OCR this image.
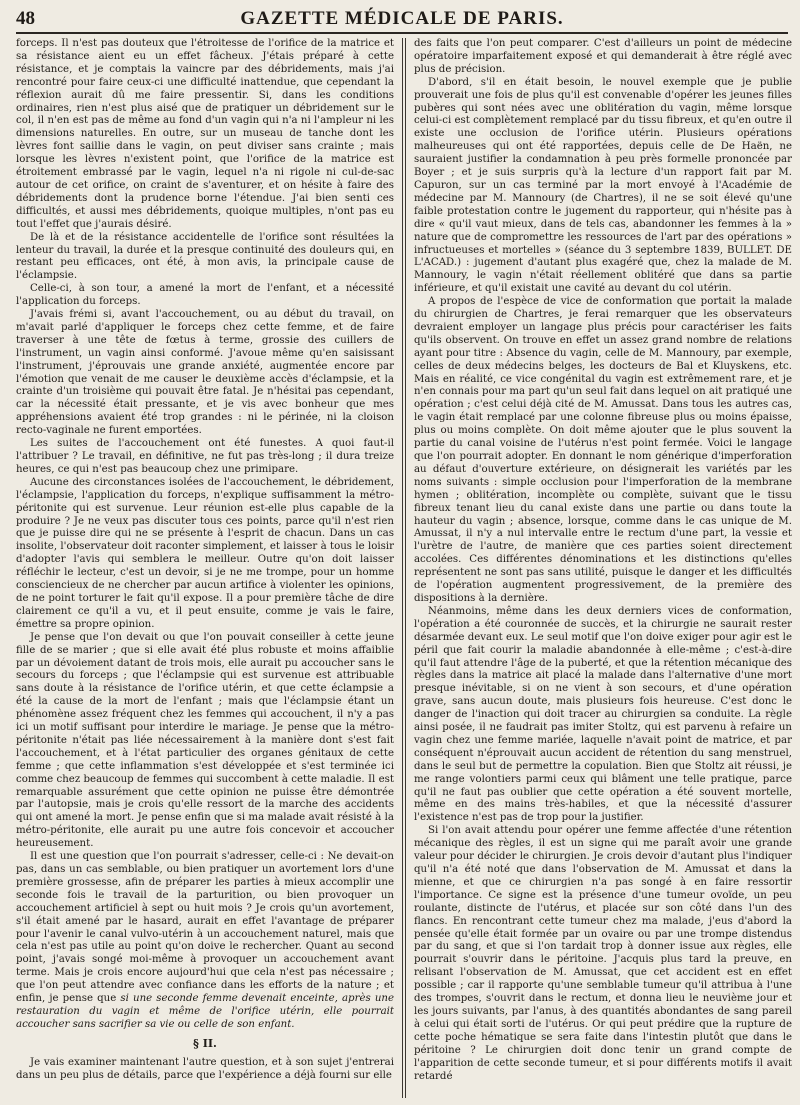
48	GAZETTE MÉDICALE DE PARIS.

forceps. Il n'est pas douteux que l'étroitesse de l'orifice de la matrice et sa résistance aient eu un effet fâcheux. J'étais préparé à cette résistance, et je comptais la vaincre par des débridements, mais j'ai rencontré pour faire ceux-ci une difficulté inattendue, que cependant la réflexion aurait dû me faire pressentir. Si, dans les conditions ordinaires, rien n'est plus aisé que de pratiquer un débridement sur le col, il n'en est pas de même au fond d'un vagin qui n'a ni l'ampleur ni les dimensions naturelles. En outre, sur un museau de tanche dont les lèvres font saillie dans le vagin, on peut diviser sans crainte ; mais lorsque les lèvres n'existent point, que l'orifice de la matrice est étroitement embrassé par le vagin, lequel n'a ni rigole ni cul-de-sac autour de cet orifice, on craint de s'aventurer, et on hésite à faire des débridements dont la prudence borne l'étendue. J'ai bien senti ces difficultés, et aussi mes débridements, quoique multiples, n'ont pas eu tout l'effet que j'aurais désiré.

De là et de la résistance accidentelle de l'orifice sont résultées la lenteur du travail, la durée et la presque continuité des douleurs qui, en restant peu efficaces, ont été, à mon avis, la principale cause de l'éclampsie.

Celle-ci, à son tour, a amené la mort de l'enfant, et a nécessité l'application du forceps.

J'avais frémi si, avant l'accouchement, ou au début du travail, on m'avait parlé d'appliquer le forceps chez cette femme, et de faire traverser à une tête de fœtus à terme, grossie des cuillers de l'instrument, un vagin ainsi conformé. J'avoue même qu'en saisissant l'instrument, j'éprouvais une grande anxiété, augmentée encore par l'émotion que venait de me causer le deuxième accès d'éclampsie, et la crainte d'un troisième qui pouvait être fatal. Je n'hésitai pas cependant, car la nécessité était pressante, et je vis avec bonheur que mes appréhensions avaient été trop grandes : ni le périnée, ni la cloison recto-vaginale ne furent emportées.

Les suites de l'accouchement ont été funestes. A quoi faut-il l'attribuer ? Le travail, en définitive, ne fut pas très-long ; il dura treize heures, ce qui n'est pas beaucoup chez une primipare.

Aucune des circonstances isolées de l'accouchement, le débridement, l'éclampsie, l'application du forceps, n'explique suffisamment la métro-péritonite qui est survenue. Leur réunion est-elle plus capable de la produire ? Je ne veux pas discuter tous ces points, parce qu'il n'est rien que je puisse dire qui ne se présente à l'esprit de chacun. Dans un cas insolite, l'observateur doit raconter simplement, et laisser à tous le loisir d'adopter l'avis qui semblera le meilleur. Outre qu'on doit laisser réfléchir le lecteur, c'est un devoir, si je ne me trompe, pour un homme consciencieux de ne chercher par aucun artifice à violenter les opinions, de ne point torturer le fait qu'il expose. Il a pour première tâche de dire clairement ce qu'il a vu, et il peut ensuite, comme je vais le faire, émettre sa propre opinion.

Je pense que l'on devait ou que l'on pouvait conseiller à cette jeune fille de se marier ; que si elle avait été plus robuste et moins affaiblie par un dévoiement datant de trois mois, elle aurait pu accoucher sans le secours du forceps ; que l'éclampsie qui est survenue est attribuable sans doute à la résistance de l'orifice utérin, et que cette éclampsie a été la cause de la mort de l'enfant ; mais que l'éclampsie étant un phénomène assez fréquent chez les femmes qui accouchent, il n'y a pas ici un motif suffisant pour interdire le mariage. Je pense que la métro-péritonite n'était pas liée nécessairement à la manière dont s'est fait l'accouchement, et à l'état particulier des organes génitaux de cette femme ; que cette inflammation s'est développée et s'est terminée ici comme chez beaucoup de femmes qui succombent à cette maladie. Il est remarquable assurément que cette opinion ne puisse être démontrée par l'autopsie, mais je crois qu'elle ressort de la marche des accidents qui ont amené la mort. Je pense enfin que si ma malade avait résisté à la métro-péritonite, elle aurait pu une autre fois concevoir et accoucher heureusement.

Il est une question que l'on pourrait s'adresser, celle-ci : Ne devait-on pas, dans un cas semblable, ou bien pratiquer un avortement lors d'une première grossesse, afin de préparer les parties à mieux accomplir une seconde fois le travail de la parturition, ou bien provoquer un accouchement artificiel à sept ou huit mois ? Je crois qu'un avortement, s'il était amené par le hasard, aurait en effet l'avantage de préparer pour l'avenir le canal vulvo-utérin à un accouchement naturel, mais que cela n'est pas utile au point qu'on doive le rechercher. Quant au second point, j'avais songé moi-même à provoquer un accouchement avant terme. Mais je crois encore aujourd'hui que cela n'est pas nécessaire ; que l'on peut attendre avec confiance dans les efforts de la nature ; et enfin, je pense que si une seconde femme devenait enceinte, après une restauration du vagin et même de l'orifice utérin, elle pourrait accoucher sans sacrifier sa vie ou celle de son enfant.

§ II.

Je vais examiner maintenant l'autre question, et à son sujet j'entrerai dans un peu plus de détails, parce que l'expérience a déjà fourni sur elle

des faits que l'on peut comparer. C'est d'ailleurs un point de médecine opératoire imparfaitement exposé et qui demanderait à être réglé avec plus de précision.

D'abord, s'il en était besoin, le nouvel exemple que je publie prouverait une fois de plus qu'il est convenable d'opérer les jeunes filles pubères qui sont nées avec une oblitération du vagin, même lorsque celui-ci est complètement remplacé par du tissu fibreux, et qu'en outre il existe une occlusion de l'orifice utérin. Plusieurs opérations malheureuses qui ont été rapportées, depuis celle de De Haën, ne sauraient justifier la condamnation à peu près formelle prononcée par Boyer ; et je suis surpris qu'à la lecture d'un rapport fait par M. Capuron, sur un cas terminé par la mort envoyé à l'Académie de médecine par M. Mannoury (de Chartres), il ne se soit élevé qu'une faible protestation contre le jugement du rapporteur, qui n'hésite pas à dire « qu'il vaut mieux, dans de tels cas, abandonner les femmes à la » nature que de compromettre les ressources de l'art par des opérations » infructueuses et mortelles » (séance du 3 septembre 1839, BULLET. DE L'ACAD.) : jugement d'autant plus exagéré que, chez la malade de M. Mannoury, le vagin n'était réellement oblitéré que dans sa partie inférieure, et qu'il existait une cavité au devant du col utérin.

A propos de l'espèce de vice de conformation que portait la malade du chirurgien de Chartres, je ferai remarquer que les observateurs devraient employer un langage plus précis pour caractériser les faits qu'ils observent. On trouve en effet un assez grand nombre de relations ayant pour titre : Absence du vagin, celle de M. Mannoury, par exemple, celles de deux médecins belges, les docteurs de Bal et Kluyskens, etc. Mais en réalité, ce vice congénital du vagin est extrêmement rare, et je n'en connais pour ma part qu'un seul fait dans lequel on ait pratiqué une opération ; c'est celui déjà cité de M. Amussat. Dans tous les autres cas, le vagin était remplacé par une colonne fibreuse plus ou moins épaisse, plus ou moins complète. On doit même ajouter que le plus souvent la partie du canal voisine de l'utérus n'est point fermée. Voici le langage que l'on pourrait adopter. En donnant le nom générique d'imperforation au défaut d'ouverture extérieure, on désignerait les variétés par les noms suivants : simple occlusion pour l'imperforation de la membrane hymen ; oblitération, incomplète ou complète, suivant que le tissu fibreux tenant lieu du canal existe dans une partie ou dans toute la hauteur du vagin ; absence, lorsque, comme dans le cas unique de M. Amussat, il n'y a nul intervalle entre le rectum d'une part, la vessie et l'urètre de l'autre, de manière que ces parties soient directement accolées. Ces différentes dénominations et les distinctions qu'elles représentent ne sont pas sans utilité, puisque le danger et les difficultés de l'opération augmentent progressivement, de la première des dispositions à la dernière.

Néanmoins, même dans les deux derniers vices de conformation, l'opération a été couronnée de succès, et la chirurgie ne saurait rester désarmée devant eux. Le seul motif que l'on doive exiger pour agir est le péril que fait courir la maladie abandonnée à elle-même ; c'est-à-dire qu'il faut attendre l'âge de la puberté, et que la rétention mécanique des règles dans la matrice ait placé la malade dans l'alternative d'une mort presque inévitable, si on ne vient à son secours, et d'une opération grave, sans aucun doute, mais plusieurs fois heureuse. C'est donc le danger de l'inaction qui doit tracer au chirurgien sa conduite. La règle ainsi posée, il ne faudrait pas imiter Stoltz, qui est parvenu à refaire un vagin chez une femme mariée, laquelle n'avait point de matrice, et par conséquent n'éprouvait aucun accident de rétention du sang menstruel, dans le seul but de permettre la copulation. Bien que Stoltz ait réussi, je me range volontiers parmi ceux qui blâment une telle pratique, parce qu'il ne faut pas oublier que cette opération a été souvent mortelle, même en des mains très-habiles, et que la nécessité d'assurer l'existence n'est pas de trop pour la justifier.

Si l'on avait attendu pour opérer une femme affectée d'une rétention mécanique des règles, il est un signe qui me paraît avoir une grande valeur pour décider le chirurgien. Je crois devoir d'autant plus l'indiquer qu'il n'a été noté que dans l'observation de M. Amussat et dans la mienne, et que ce chirurgien n'a pas songé à en faire ressortir l'importance. Ce signe est la présence d'une tumeur ovoïde, un peu roulante, distincte de l'utérus, et placée sur son côté dans l'un des flancs. En rencontrant cette tumeur chez ma malade, j'eus d'abord la pensée qu'elle était formée par un ovaire ou par une trompe distendus par du sang, et que si l'on tardait trop à donner issue aux règles, elle pourrait s'ouvrir dans le péritoine. J'acquis plus tard la preuve, en relisant l'observation de M. Amussat, que cet accident est en effet possible ; car il rapporte qu'une semblable tumeur qu'il attribua à l'une des trompes, s'ouvrit dans le rectum, et donna lieu le neuvième jour et les jours suivants, par l'anus, à des quantités abondantes de sang pareil à celui qui était sorti de l'utérus. Or qui peut prédire que la rupture de cette poche hématique se sera faite dans l'intestin plutôt que dans le péritoine ? Le chirurgien doit donc tenir un grand compte de l'apparition de cette seconde tumeur, et si pour différents motifs il avait retardé
